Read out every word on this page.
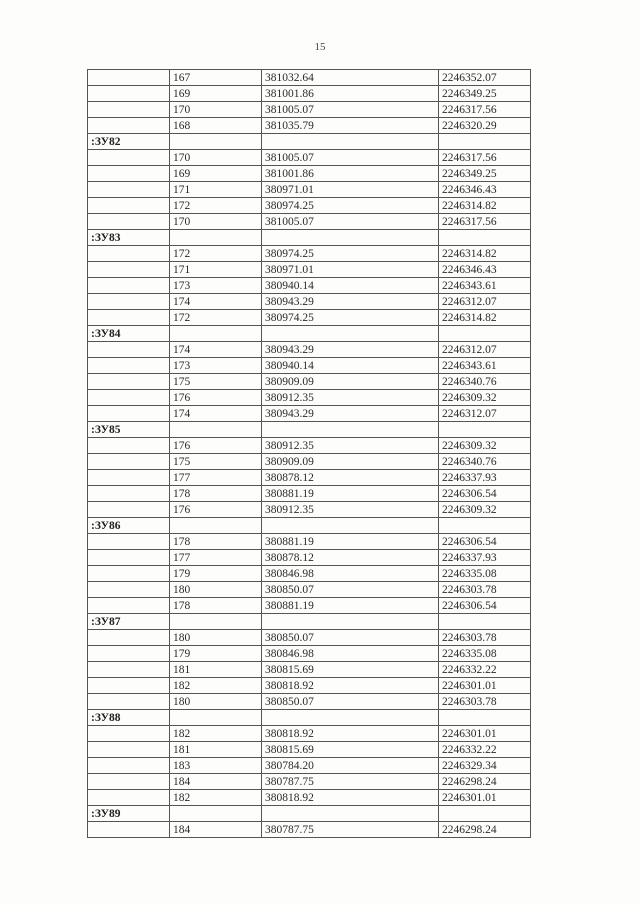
15
	167	381032.64	2246352.07
	169	381001.86	2246349.25
	170	381005.07	2246317.56
	168	381035.79	2246320.29
:ЗУ82			
	170	381005.07	2246317.56
	169	381001.86	2246349.25
	171	380971.01	2246346.43
	172	380974.25	2246314.82
	170	381005.07	2246317.56
:ЗУ83			
	172	380974.25	2246314.82
	171	380971.01	2246346.43
	173	380940.14	2246343.61
	174	380943.29	2246312.07
	172	380974.25	2246314.82
:ЗУ84			
	174	380943.29	2246312.07
	173	380940.14	2246343.61
	175	380909.09	2246340.76
	176	380912.35	2246309.32
	174	380943.29	2246312.07
:ЗУ85			
	176	380912.35	2246309.32
	175	380909.09	2246340.76
	177	380878.12	2246337.93
	178	380881.19	2246306.54
	176	380912.35	2246309.32
:ЗУ86			
	178	380881.19	2246306.54
	177	380878.12	2246337.93
	179	380846.98	2246335.08
	180	380850.07	2246303.78
	178	380881.19	2246306.54
:ЗУ87			
	180	380850.07	2246303.78
	179	380846.98	2246335.08
	181	380815.69	2246332.22
	182	380818.92	2246301.01
	180	380850.07	2246303.78
:ЗУ88			
	182	380818.92	2246301.01
	181	380815.69	2246332.22
	183	380784.20	2246329.34
	184	380787.75	2246298.24
	182	380818.92	2246301.01
:ЗУ89			
	184	380787.75	2246298.24
